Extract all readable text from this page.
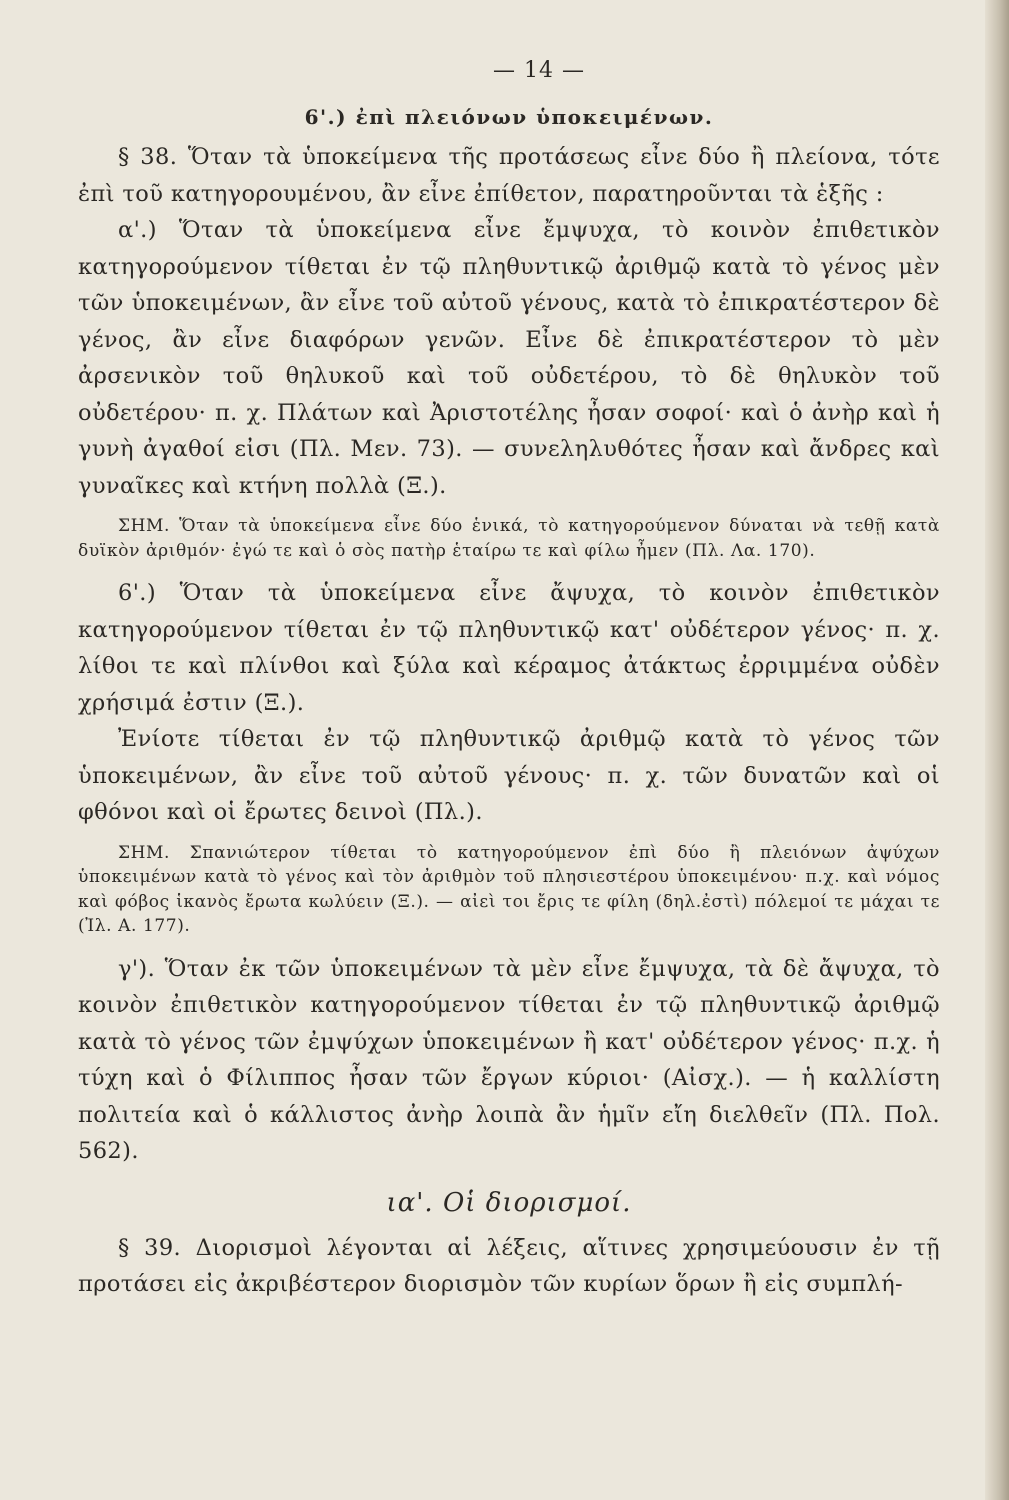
— 14 —
6'.) ἐπὶ πλειόνων ὑποκειμένων.

§ 38. Ὅταν τὰ ὑποκείμενα τῆς προτάσεως εἶνε δύο ἢ πλείονα, τότε ἐπὶ τοῦ κατηγορουμένου, ἂν εἶνε ἐπίθετον, παρατηροῦνται τὰ ἑξῆς :

α'.) Ὅταν τὰ ὑποκείμενα εἶνε ἔμψυχα, τὸ κοινὸν ἐπιθετικὸν κατηγορούμενον τίθεται ἐν τῷ πληθυντικῷ ἀριθμῷ κατὰ τὸ γένος μὲν τῶν ὑποκειμένων, ἂν εἶνε τοῦ αὐτοῦ γένους, κατὰ τὸ ἐπικρατέστερον δὲ γένος, ἂν εἶνε διαφόρων γενῶν. Εἶνε δὲ ἐπικρατέστερον τὸ μὲν ἀρσενικὸν τοῦ θηλυκοῦ καὶ τοῦ οὐδετέρου, τὸ δὲ θηλυκὸν τοῦ οὐδετέρου· π. χ. Πλάτων καὶ Ἀριστοτέλης ἦσαν σοφοί· καὶ ὁ ἀνὴρ καὶ ἡ γυνὴ ἀγαθοί εἰσι (Πλ. Μεν. 73). — συνεληλυθότες ἦσαν καὶ ἄνδρες καὶ γυναῖκες καὶ κτήνη πολλὰ (Ξ.).

ΣΗΜ. Ὅταν τὰ ὑποκείμενα εἶνε δύο ἑνικά, τὸ κατηγορούμενον δύναται νὰ τεθῇ κατὰ δυϊκὸν ἀριθμόν· ἐγώ τε καὶ ὁ σὸς πατὴρ ἑταίρω τε καὶ φίλω ἦμεν (Πλ. Λα. 170).

6'.) Ὅταν τὰ ὑποκείμενα εἶνε ἄψυχα, τὸ κοινὸν ἐπιθετικὸν κατηγορούμενον τίθεται ἐν τῷ πληθυντικῷ κατ' οὐδέτερον γένος· π. χ. λίθοι τε καὶ πλίνθοι καὶ ξύλα καὶ κέραμος ἀτάκτως ἐρριμμένα οὐδὲν χρήσιμά ἐστιν (Ξ.).

Ἐνίοτε τίθεται ἐν τῷ πληθυντικῷ ἀριθμῷ κατὰ τὸ γένος τῶν ὑποκειμένων, ἂν εἶνε τοῦ αὐτοῦ γένους· π. χ. τῶν δυνατῶν καὶ οἱ φθόνοι καὶ οἱ ἔρωτες δεινοὶ (Πλ.).

ΣΗΜ. Σπανιώτερον τίθεται τὸ κατηγορούμενον ἐπὶ δύο ἢ πλειόνων ἀψύχων ὑποκειμένων κατὰ τὸ γένος καὶ τὸν ἀριθμὸν τοῦ πλησιεστέρου ὑποκειμένου· π.χ. καὶ νόμος καὶ φόβος ἱκανὸς ἔρωτα κωλύειν (Ξ.). — αἰεὶ τοι ἔρις τε φίλη (δηλ.ἐστὶ) πόλεμοί τε μάχαι τε (Ἰλ. Α. 177).

γ'). Ὅταν ἐκ τῶν ὑποκειμένων τὰ μὲν εἶνε ἔμψυχα, τὰ δὲ ἄψυχα, τὸ κοινὸν ἐπιθετικὸν κατηγορούμενον τίθεται ἐν τῷ πληθυντικῷ ἀριθμῷ κατὰ τὸ γένος τῶν ἐμψύχων ὑποκειμένων ἢ κατ' οὐδέτερον γένος· π.χ. ἡ τύχη καὶ ὁ Φίλιππος ἦσαν τῶν ἔργων κύριοι· (Αἰσχ.). — ἡ καλλίστη πολιτεία καὶ ὁ κάλλιστος ἀνὴρ λοιπὰ ἂν ἡμῖν εἴη διελθεῖν (Πλ. Πολ. 562).

ια'. Οἱ διορισμοί.

§ 39. Διορισμοὶ λέγονται αἱ λέξεις, αἵτινες χρησιμεύουσιν ἐν τῇ προτάσει εἰς ἀκριβέστερον διορισμὸν τῶν κυρίων ὅρων ἢ εἰς συμπλή-
